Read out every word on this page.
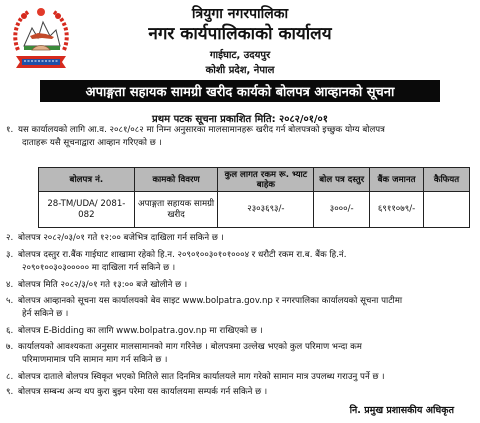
त्रियुगा नगरपालिका
नगर कार्यपालिकाको कार्यालय
गाईघाट, उदयपुर
कोशी प्रदेश, नेपाल
अपाङ्गता सहायक सामग्री खरीद कार्यको बोलपत्र आव्हानको सूचना
प्रथम पटक सूचना प्रकाशित मिति: २०८२/०१/०१
१. यस कार्यालयको लागि आ.व. २०८१/०८२ मा निम्न अनुसारका मालसामानहरू खरीद गर्न बोलपत्रको इच्छुक योग्य बोलपत्र
दाताहरू यसै सूचनाद्वारा आव्हान गरिएको छ ।
बोलपत्र नं.	कामको विवरण	कुल लागत रकम रू. भ्याट बाहेक	बोल पत्र दस्तुर	बैंक जमानत	कैफियत
28-TM/UDA/ 2081-082	अपाङ्गता सहायक सामग्री खरीद	२३०३६९३/-	३०००/-	६९११०७९/-	
२. बोलपत्र २०८२/०३/०१ गते १२:०० बजेभित्र दाखिला गर्न सकिने छ ।
३. बोलपत्र दस्तुर रा.बैंक गाईघाट शाखामा रहेको हि.न. २०९०१००३०१०१०००४ र धरौटी रकम रा.ब. बैंक हि.नं.
२०९०१००३०३००००० मा दाखिला गर्न सकिने छ ।
४. बोलपत्र मिति २०८२/३/०१ गते १३:०० बजे खोलीने छ ।
५. बोलपत्र आव्हानको सूचना यस कार्यालयको बेव साइट www.bolpatra.gov.np र नगरपालिका कार्यालयको सूचना पाटीमा
हेर्न सकिने छ ।
६. बोलपत्र E-Bidding का लागि www.bolpatra.gov.np मा राखिएको छ ।
७. कार्यालयको आवश्यकता अनुसार मालसामानको माग गरिनेछ । बोलपत्रमा उल्लेख भएको कुल परिमाण भन्दा कम
परिमाणमामात्र पनि सामान माग गर्न सकिने छ ।
८. बोलपत्र दाताले बोलपत्र स्विकृत भएको मितिले सात दिनमित्र कार्यालयले माग गरेको सामान मात्र उपलब्ध गराउनु पर्ने छ ।
९. बोलपत्र सम्बन्ध अन्य थप कुरा बुझ्न परेमा यस कार्यालयमा सम्पर्क गर्न सकिने छ ।
नि. प्रमुख प्रशासकीय अधिकृत
